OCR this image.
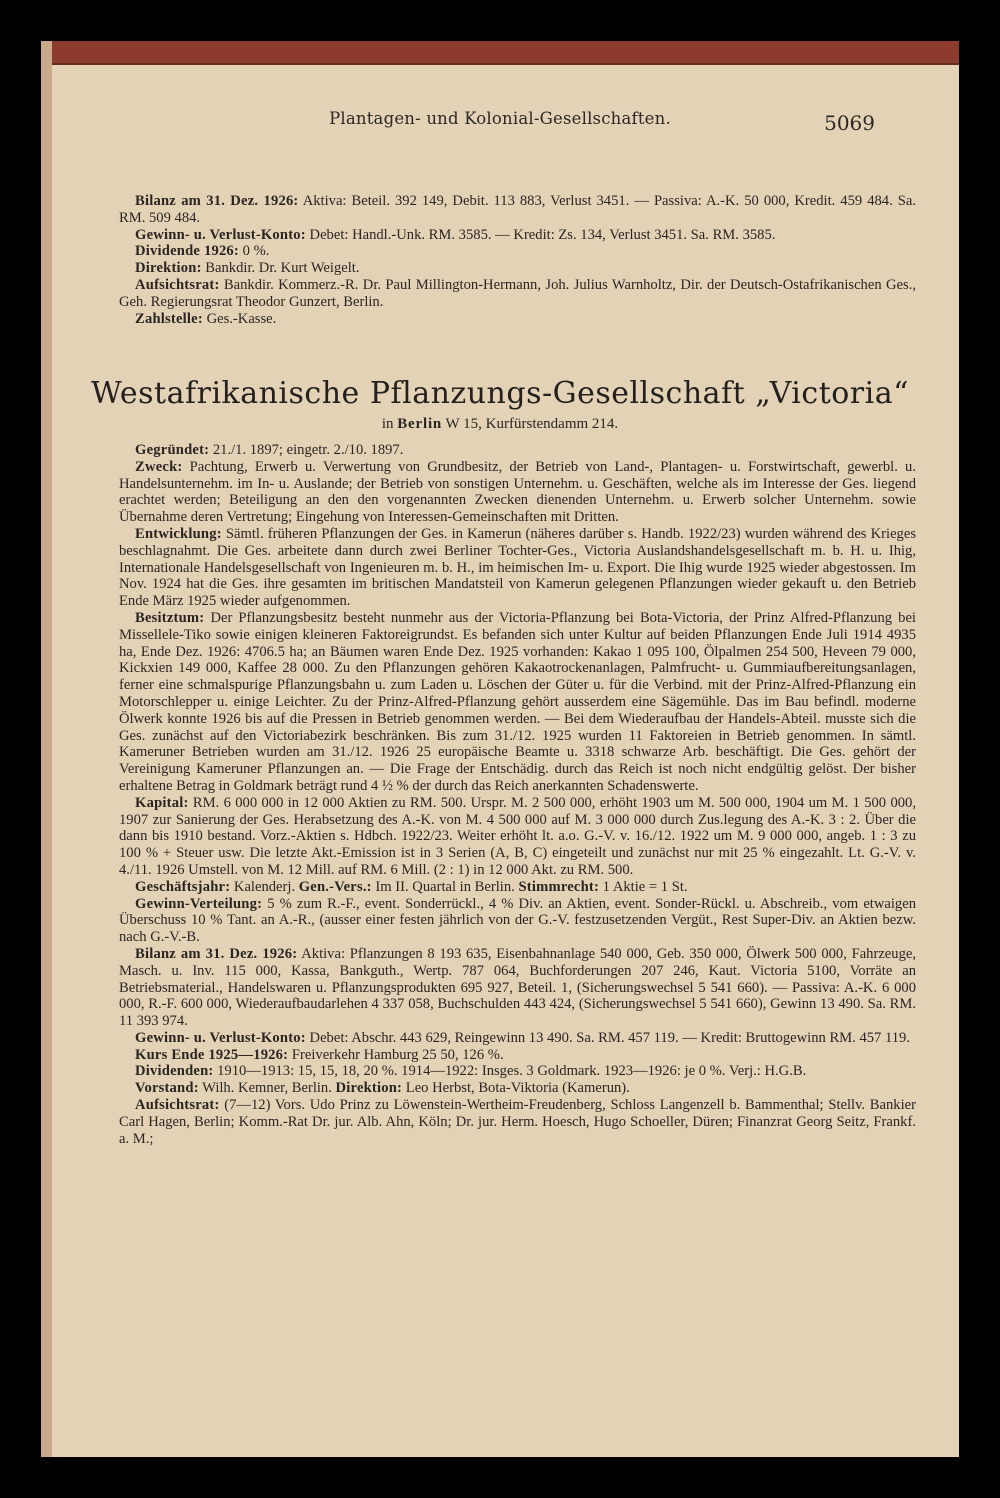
Plantagen- und Kolonial-Gesellschaften.	5069

Bilanz am 31. Dez. 1926: Aktiva: Beteil. 392 149, Debit. 113 883, Verlust 3451. — Passiva: A.-K. 50 000, Kredit. 459 484. Sa. RM. 509 484.

Gewinn- u. Verlust-Konto: Debet: Handl.-Unk. RM. 3585. — Kredit: Zs. 134, Verlust 3451. Sa. RM. 3585.

Dividende 1926: 0 %.

Direktion: Bankdir. Dr. Kurt Weigelt.

Aufsichtsrat: Bankdir. Kommerz.-R. Dr. Paul Millington-Hermann, Joh. Julius Warnholtz, Dir. der Deutsch-Ostafrikanischen Ges., Geh. Regierungsrat Theodor Gunzert, Berlin.

Zahlstelle: Ges.-Kasse.

Westafrikanische Pflanzungs-Gesellschaft „Victoria“
in Berlin W 15, Kurfürstendamm 214.

Gegründet: 21./1. 1897; eingetr. 2./10. 1897.

Zweck: Pachtung, Erwerb u. Verwertung von Grundbesitz, der Betrieb von Land-, Plantagen- u. Forstwirtschaft, gewerbl. u. Handelsunternehm. im In- u. Auslande; der Betrieb von sonstigen Unternehm. u. Geschäften, welche als im Interesse der Ges. liegend erachtet werden; Beteiligung an den den vorgenannten Zwecken dienenden Unternehm. u. Erwerb solcher Unternehm. sowie Übernahme deren Vertretung; Eingehung von Interessen-Gemeinschaften mit Dritten.

Entwicklung: Sämtl. früheren Pflanzungen der Ges. in Kamerun (näheres darüber s. Handb. 1922/23) wurden während des Krieges beschlagnahmt. Die Ges. arbeitete dann durch zwei Berliner Tochter-Ges., Victoria Auslandshandelsgesellschaft m. b. H. u. Ihig, Internationale Handelsgesellschaft von Ingenieuren m. b. H., im heimischen Im- u. Export. Die Ihig wurde 1925 wieder abgestossen. Im Nov. 1924 hat die Ges. ihre gesamten im britischen Mandatsteil von Kamerun gelegenen Pflanzungen wieder gekauft u. den Betrieb Ende März 1925 wieder aufgenommen.

Besitztum: Der Pflanzungsbesitz besteht nunmehr aus der Victoria-Pflanzung bei Bota-Victoria, der Prinz Alfred-Pflanzung bei Missellele-Tiko sowie einigen kleineren Faktoreigrundst. Es befanden sich unter Kultur auf beiden Pflanzungen Ende Juli 1914 4935 ha, Ende Dez. 1926: 4706.5 ha; an Bäumen waren Ende Dez. 1925 vorhanden: Kakao 1 095 100, Ölpalmen 254 500, Heveen 79 000, Kickxien 149 000, Kaffee 28 000. Zu den Pflanzungen gehören Kakaotrockenanlagen, Palmfrucht- u. Gummiaufbereitungsanlagen, ferner eine schmalspurige Pflanzungsbahn u. zum Laden u. Löschen der Güter u. für die Verbind. mit der Prinz-Alfred-Pflanzung ein Motorschlepper u. einige Leichter. Zu der Prinz-Alfred-Pflanzung gehört ausserdem eine Sägemühle. Das im Bau befindl. moderne Ölwerk konnte 1926 bis auf die Pressen in Betrieb genommen werden. — Bei dem Wiederaufbau der Handels-Abteil. musste sich die Ges. zunächst auf den Victoriabezirk beschränken. Bis zum 31./12. 1925 wurden 11 Faktoreien in Betrieb genommen. In sämtl. Kameruner Betrieben wurden am 31./12. 1926 25 europäische Beamte u. 3318 schwarze Arb. beschäftigt. Die Ges. gehört der Vereinigung Kameruner Pflanzungen an. — Die Frage der Entschädig. durch das Reich ist noch nicht endgültig gelöst. Der bisher erhaltene Betrag in Goldmark beträgt rund 4 ½ % der durch das Reich anerkannten Schadenswerte.

Kapital: RM. 6 000 000 in 12 000 Aktien zu RM. 500. Urspr. M. 2 500 000, erhöht 1903 um M. 500 000, 1904 um M. 1 500 000, 1907 zur Sanierung der Ges. Herabsetzung des A.-K. von M. 4 500 000 auf M. 3 000 000 durch Zus.legung des A.-K. 3 : 2. Über die dann bis 1910 bestand. Vorz.-Aktien s. Hdbch. 1922/23. Weiter erhöht lt. a.o. G.-V. v. 16./12. 1922 um M. 9 000 000, angeb. 1 : 3 zu 100 % + Steuer usw. Die letzte Akt.-Emission ist in 3 Serien (A, B, C) eingeteilt und zunächst nur mit 25 % eingezahlt. Lt. G.-V. v. 4./11. 1926 Umstell. von M. 12 Mill. auf RM. 6 Mill. (2 : 1) in 12 000 Akt. zu RM. 500.

Geschäftsjahr: Kalenderj. Gen.-Vers.: Im II. Quartal in Berlin. Stimmrecht: 1 Aktie = 1 St.

Gewinn-Verteilung: 5 % zum R.-F., event. Sonderrückl., 4 % Div. an Aktien, event. Sonder-Rückl. u. Abschreib., vom etwaigen Überschuss 10 % Tant. an A.-R., (ausser einer festen jährlich von der G.-V. festzusetzenden Vergüt., Rest Super-Div. an Aktien bezw. nach G.-V.-B.

Bilanz am 31. Dez. 1926: Aktiva: Pflanzungen 8 193 635, Eisenbahnanlage 540 000, Geb. 350 000, Ölwerk 500 000, Fahrzeuge, Masch. u. Inv. 115 000, Kassa, Bankguth., Wertp. 787 064, Buchforderungen 207 246, Kaut. Victoria 5100, Vorräte an Betriebsmaterial., Handelswaren u. Pflanzungsprodukten 695 927, Beteil. 1, (Sicherungswechsel 5 541 660). — Passiva: A.-K. 6 000 000, R.-F. 600 000, Wiederaufbaudarlehen 4 337 058, Buchschulden 443 424, (Sicherungswechsel 5 541 660), Gewinn 13 490. Sa. RM. 11 393 974.

Gewinn- u. Verlust-Konto: Debet: Abschr. 443 629, Reingewinn 13 490. Sa. RM. 457 119. — Kredit: Bruttogewinn RM. 457 119.

Kurs Ende 1925—1926: Freiverkehr Hamburg 25 50, 126 %.

Dividenden: 1910—1913: 15, 15, 18, 20 %. 1914—1922: Insges. 3 Goldmark. 1923—1926: je 0 %. Verj.: H.G.B.

Vorstand: Wilh. Kemner, Berlin. Direktion: Leo Herbst, Bota-Viktoria (Kamerun).

Aufsichtsrat: (7—12) Vors. Udo Prinz zu Löwenstein-Wertheim-Freudenberg, Schloss Langenzell b. Bammenthal; Stellv. Bankier Carl Hagen, Berlin; Komm.-Rat Dr. jur. Alb. Ahn, Köln; Dr. jur. Herm. Hoesch, Hugo Schoeller, Düren; Finanzrat Georg Seitz, Frankf. a. M.;
